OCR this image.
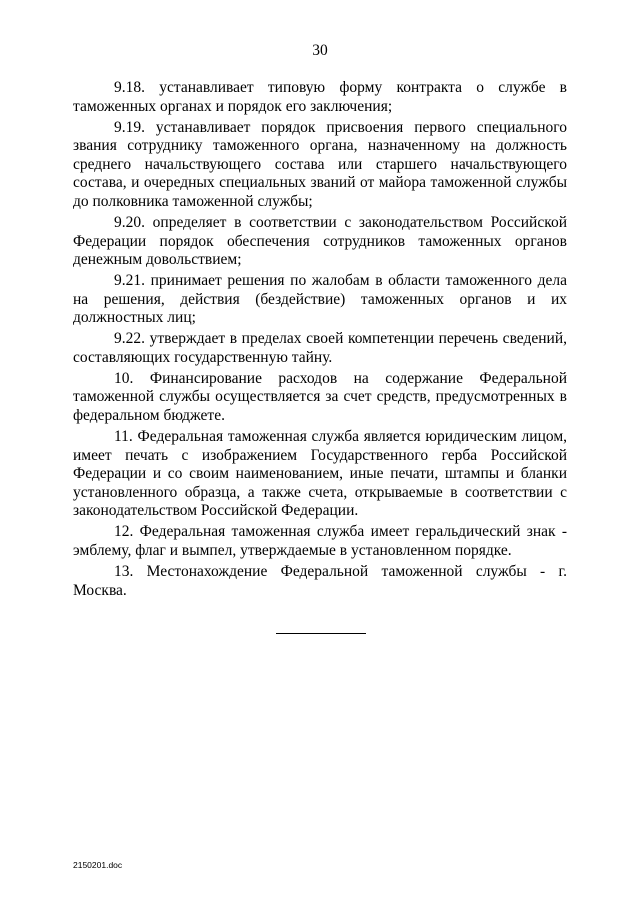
30

9.18. устанавливает типовую форму контракта о службе в таможенных органах и порядок его заключения;

9.19. устанавливает порядок присвоения первого специального звания сотруднику таможенного органа, назначенному на должность среднего начальствующего состава или старшего начальствующего состава, и очередных специальных званий от майора таможенной службы до полковника таможенной службы;

9.20. определяет в соответствии с законодательством Российской Федерации порядок обеспечения сотрудников таможенных органов денежным довольствием;

9.21. принимает решения по жалобам в области таможенного дела на решения, действия (бездействие) таможенных органов и их должностных лиц;

9.22. утверждает в пределах своей компетенции перечень сведений, составляющих государственную тайну.

10. Финансирование расходов на содержание Федеральной таможенной службы осуществляется за счет средств, предусмотренных в федеральном бюджете.

11. Федеральная таможенная служба является юридическим лицом, имеет печать с изображением Государственного герба Российской Федерации и со своим наименованием, иные печати, штампы и бланки установленного образца, а также счета, открываемые в соответствии с законодательством Российской Федерации.

12. Федеральная таможенная служба имеет геральдический знак - эмблему, флаг и вымпел, утверждаемые в установленном порядке.

13. Местонахождение Федеральной таможенной службы - г. Москва.

2150201.doc
